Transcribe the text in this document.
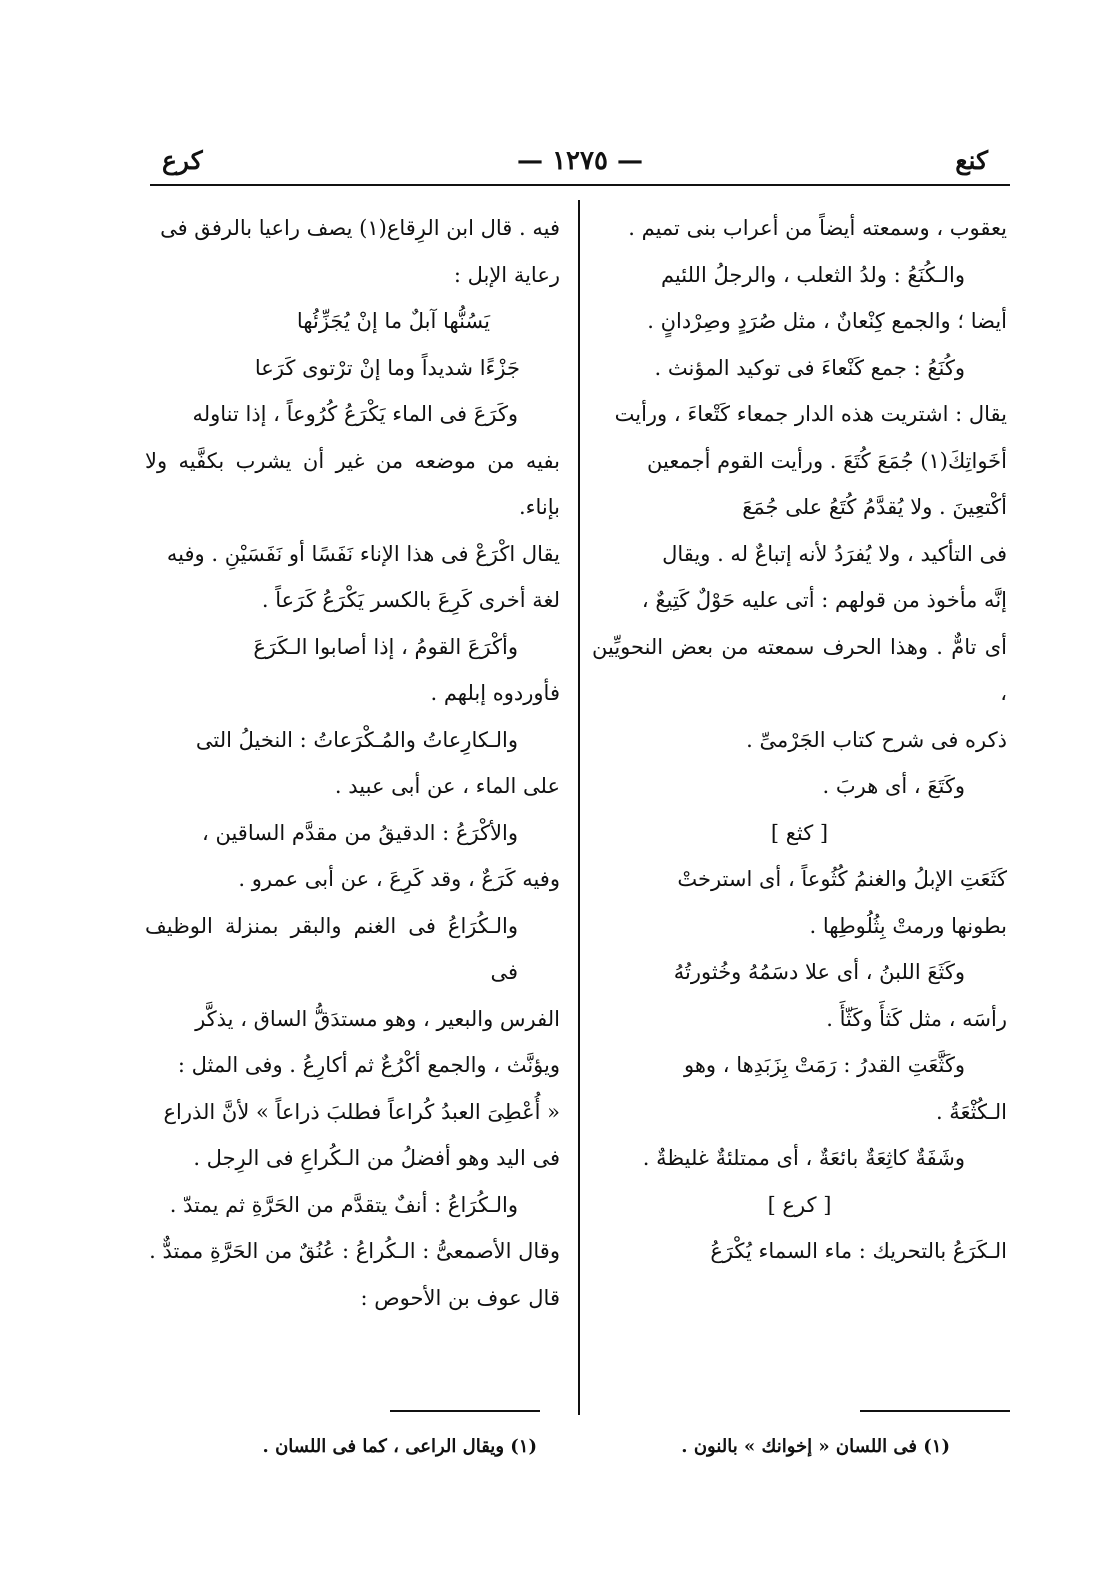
كنع
— ١٢٧٥ —
كرع

يعقوب ، وسمعته أيضاً من أعراب بنى تميم .

والـكُنَعُ : ولدُ الثعلب ، والرجلُ اللئيم

أيضا ؛ والجمع كِنْعانٌ ، مثل صُرَدٍ وصِرْدانٍ .

وكُنَعُ : جمع كَنْعاءَ فى توكيد المؤنث .

يقال : اشتريت هذه الدار جمعاء كَتْعاءَ ، ورأيت

أخَواتِكَ(١) جُمَعَ كُتَعَ . ورأيت القوم أجمعين

أكْتعِينَ . ولا يُقدَّمُ كُتَعُ على جُمَعَ

فى التأكيد ، ولا يُفرَدُ لأنه إتباعٌ له . ويقال

إنَّه مأخوذ من قولهم : أتى عليه حَوْلٌ كَتِيعٌ ،

أى تامٌّ . وهذا الحرف سمعته من بعض النحويِّين ،

ذكره فى شرح كتاب الجَرْمىِّ .

وكَتَعَ ، أى هربَ .

[ كثع ]

كَثَعَتِ الإبلُ والغنمُ كُثُوعاً ، أى استرختْ

بطونها ورمتْ بِثُلُوطِها .

وكَثَعَ اللبنُ ، أى علا دسَمُهُ وخُثورتُهُ

رأسَه ، مثل كَثأَ وكَثّأَ .

وكَثَّعَتِ القدرُ : رَمَتْ بِزَبَدِها ، وهو

الـكُثْعَةُ .

وشَفَةٌ كاثِعَةٌ بائعَةٌ ، أى ممتلئةٌ غليظةٌ .

[ كرع ]

الـكَرَعُ بالتحريك : ماء السماء يُكْرَعُ

فيه . قال ابن الرِقاع(١) يصف راعيا بالرفق فى

رعاية الإبل :

يَسُنُّها آبلٌ ما إنْ يُجَزِّئُها

جَزْءًا شديداً وما إنْ ترْتوى كَرَعا

وكَرَعَ فى الماء يَكْرَعُ كُرُوعاً ، إذا تناوله

بفيه من موضعه من غير أن يشرب بكفَّيه ولا بإناء.

يقال اكْرَعْ فى هذا الإناء نَفَسًا أو نَفَسَيْنِ . وفيه

لغة أخرى كَرِعَ بالكسر يَكْرَعُ كَرَعاً .

وأكْرَعَ القومُ ، إذا أصابوا الـكَرَعَ

فأوردوه إبلهم .

والـكارِعاتُ والمُـكْرَعاتُ : النخيلُ التى

على الماء ، عن أبى عبيد .

والأكْرَعُ : الدقيقُ من مقدَّم الساقين ،

وفيه كَرَعٌ ، وقد كَرِعَ ، عن أبى عمرو .

والـكُرَاعُ فى الغنم والبقر بمنزلة الوظيف فى

الفرس والبعير ، وهو مستدَقُّ الساق ، يذكَّر

ويؤنَّث ، والجمع أكْرُعٌ ثم أكارِعُ . وفى المثل :

« أُعْطِىَ العبدُ كُراعاً فطلبَ ذراعاً » لأنَّ الذراع

فى اليد وهو أفضلُ من الـكُراعِ فى الرِجل .

والـكُرَاعُ : أنفٌ يتقدَّم من الحَرَّةِ ثم يمتدّ .

وقال الأصمعىُّ : الـكُراعُ : عُنُقٌ من الحَرَّةِ ممتدٌّ .

قال عوف بن الأحوص :

(١) فى اللسان « إخوانك » بالنون .
(١) ويقال الراعى ، كما فى اللسان .
